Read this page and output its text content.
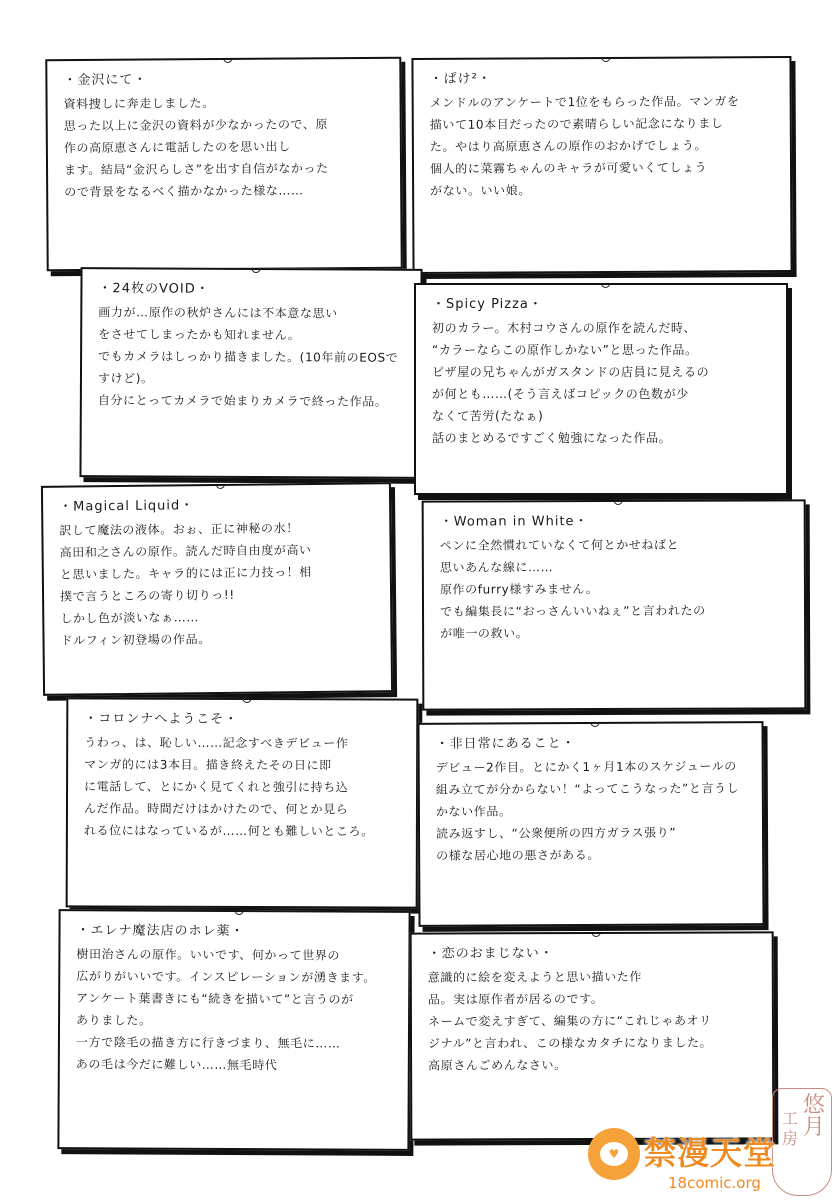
・金沢にて・

資料捜しに奔走しました。

思った以上に金沢の資料が少なかったので、原

作の高原恵さんに電話したのを思い出し

ます。結局“金沢らしさ”を出す自信がなかった

ので背景をなるべく描かなかった様な……

・ぱけ²・

メンドルのアンケートで1位をもらった作品。マンガを

描いて10本目だったので素晴らしい記念になりまし

た。やはり高原恵さんの原作のおかげでしょう。

個人的に菜霧ちゃんのキャラが可愛いくてしょう

がない。いい娘。

・24枚のVOID・

画力が…原作の秋炉さんには不本意な思い

をさせてしまったかも知れません。

でもカメラはしっかり描きました。(10年前のEOSで

すけど)。

自分にとってカメラで始まりカメラで終った作品。

・Spicy Pizza・

初のカラー。木村コウさんの原作を読んだ時、

“カラーならこの原作しかない”と思った作品。

ピザ屋の兄ちゃんがガスタンドの店員に見えるの

が何とも……(そう言えばコピックの色数が少

なくて苦労(たなぁ)

話のまとめるですごく勉強になった作品。

・Magical Liquid・

訳して魔法の液体。おぉ、正に神秘の水！

高田和之さんの原作。読んだ時自由度が高い

と思いました。キャラ的には正に力技っ！相

撲で言うところの寄り切りっ!!

しかし色が淡いなぁ……

ドルフィン初登場の作品。

・Woman in White・

ペンに全然慣れていなくて何とかせねばと

思いあんな線に……

原作のfurry様すみません。

でも編集長に“おっさんいいねぇ”と言われたの

が唯一の救い。

・コロンナへようこそ・

うわっ、は、恥しい……記念すべきデビュー作

マンガ的には3本目。描き終えたその日に即

に電話して、とにかく見てくれと強引に持ち込

んだ作品。時間だけはかけたので、何とか見ら

れる位にはなっているが……何とも難しいところ。

・非日常にあること・

デビュー2作目。とにかく1ヶ月1本のスケジュールの

組み立てが分からない！“よってこうなった”と言うし

かない作品。

読み返すし、“公衆便所の四方ガラス張り”

の様な居心地の悪さがある。

・エレナ魔法店のホレ薬・

樹田治さんの原作。いいです、何かって世界の

広がりがいいです。インスピレーションが湧きます。

アンケート葉書きにも“続きを描いて”と言うのが

ありました。

一方で陰毛の描き方に行きづまり、無毛に……

あの毛は今だに難しい……無毛時代

・恋のおまじない・

意識的に絵を変えようと思い描いた作

品。実は原作者が居るのです。

ネームで変えすぎて、編集の方に“これじゃあオリ

ジナル”と言われ、この様なカタチになりました。

高原さんごめんなさい。

悠月
工房
♥ 禁漫天堂
18comic.org
